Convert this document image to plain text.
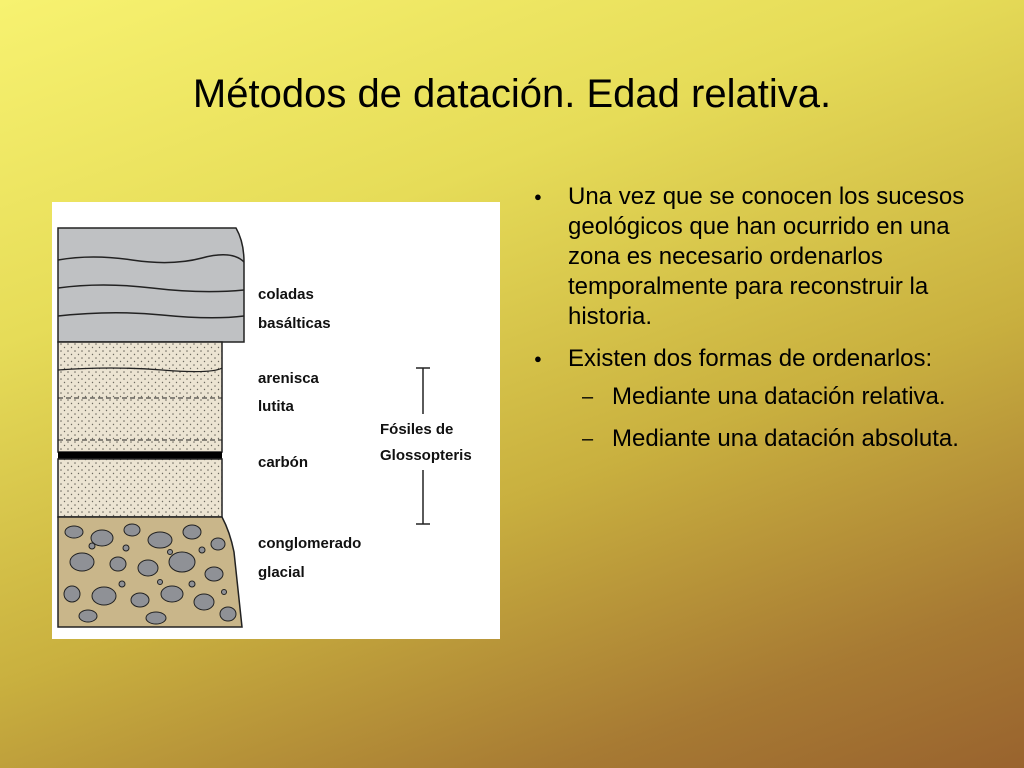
Métodos de datación. Edad relativa.
coladas
basálticas
arenisca
lutita
carbón
conglomerado
glacial
Fósiles de
Glossopteris
● Una vez que se conocen los sucesos geológicos que han ocurrido en una zona es necesario ordenarlos temporalmente para reconstruir la historia.
● Existen dos formas de ordenarlos:
– Mediante una datación relativa.
– Mediante una datación absoluta.
